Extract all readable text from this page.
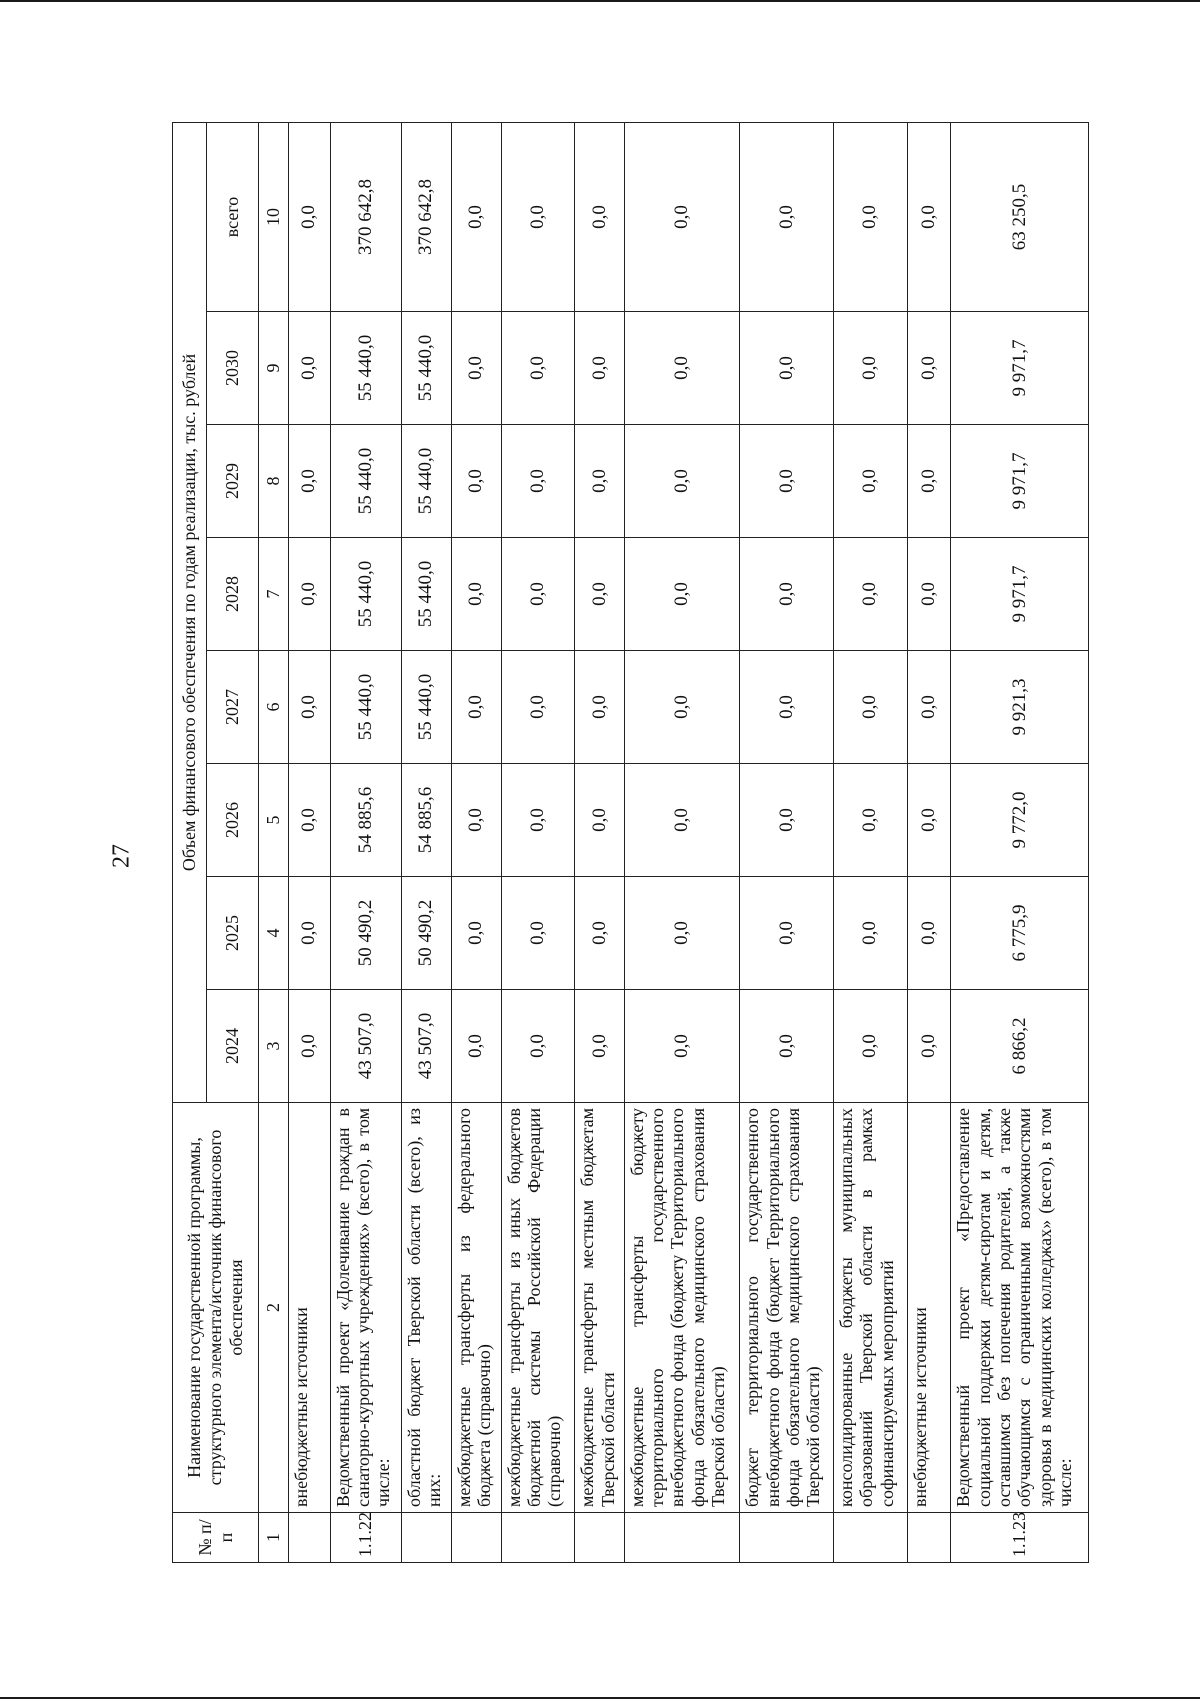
27
№ п/п	Наименование государственной программы, структурного элемента/источник финансового обеспечения	Объем финансового обеспечения по годам реализации, тыс. рублей							
		2024	2025	2026	2027	2028	2029	2030	всего
1	2	3	4	5	6	7	8	9	10
	внебюджетные источники	0,0	0,0	0,0	0,0	0,0	0,0	0,0	0,0
1.1.22	Ведомственный проект «Долечивание граждан в санаторно-курортных учреждениях» (всего), в том числе:	43 507,0	50 490,2	54 885,6	55 440,0	55 440,0	55 440,0	55 440,0	370 642,8
	областной бюджет Тверской области (всего), из них:	43 507,0	50 490,2	54 885,6	55 440,0	55 440,0	55 440,0	55 440,0	370 642,8
	межбюджетные трансферты из федерального бюджета (справочно)	0,0	0,0	0,0	0,0	0,0	0,0	0,0	0,0
	межбюджетные трансферты из иных бюджетов бюджетной системы Российской Федерации (справочно)	0,0	0,0	0,0	0,0	0,0	0,0	0,0	0,0
	межбюджетные трансферты местным бюджетам Тверской области	0,0	0,0	0,0	0,0	0,0	0,0	0,0	0,0
	межбюджетные трансферты бюджету территориального государственного внебюджетного фонда (бюджету Территориального фонда обязательного медицинского страхования Тверской области)	0,0	0,0	0,0	0,0	0,0	0,0	0,0	0,0
	бюджет территориального государственного внебюджетного фонда (бюджет Территориального фонда обязательного медицинского страхования Тверской области)	0,0	0,0	0,0	0,0	0,0	0,0	0,0	0,0
	консолидированные бюджеты муниципальных образований Тверской области в рамках софинансируемых мероприятий	0,0	0,0	0,0	0,0	0,0	0,0	0,0	0,0
	внебюджетные источники	0,0	0,0	0,0	0,0	0,0	0,0	0,0	0,0
1.1.23	Ведомственный проект «Предоставление социальной поддержки детям-сиротам и детям, оставшимся без попечения родителей, а также обучающимся с ограниченными возможностями здоровья в медицинских колледжах» (всего), в том числе:	6 866,2	6 775,9	9 772,0	9 921,3	9 971,7	9 971,7	9 971,7	63 250,5
